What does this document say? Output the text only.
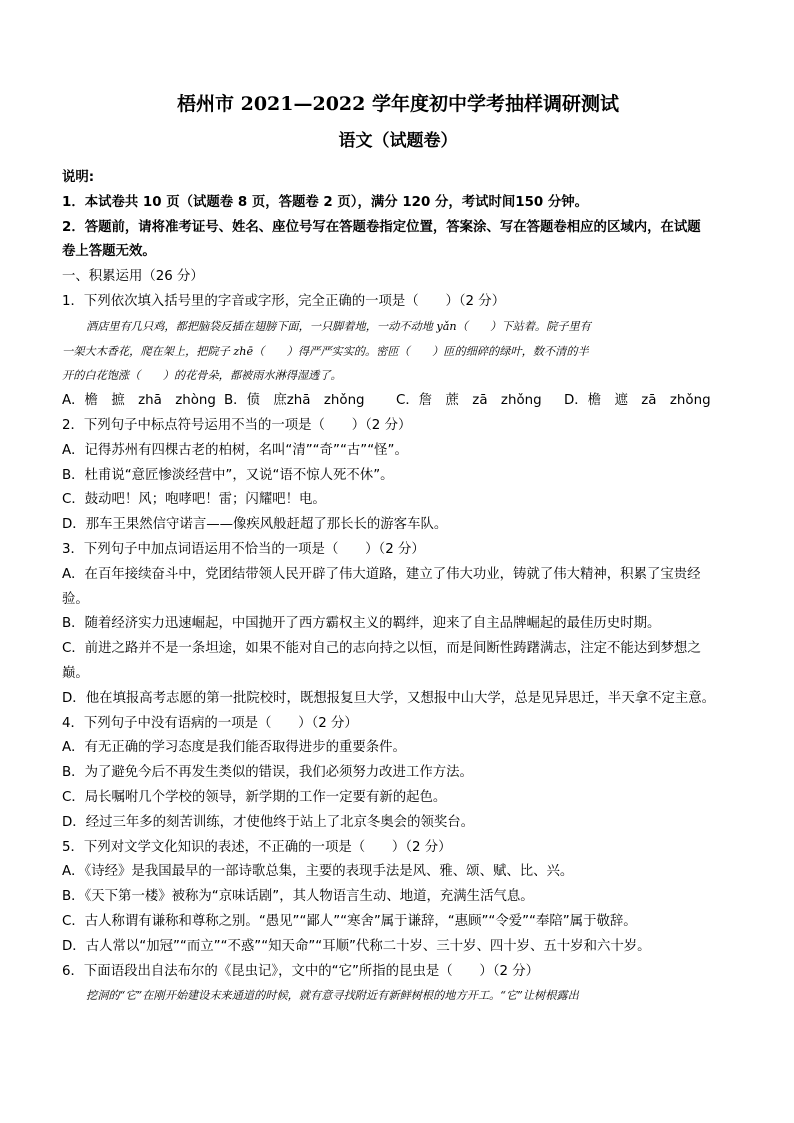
梧州市 2021—2022 学年度初中学考抽样调研测试
语文（试题卷）
说明:
1．本试卷共 10 页（试题卷 8 页，答题卷 2 页），满分 120 分，考试时间150 分钟。
2．答题前，请将准考证号、姓名、座位号写在答题卷指定位置，答案涂、写在答题卷相应的区域内，在试题
卷上答题无效。
一、积累运用（26 分）
1．下列依次填入括号里的字音或字形，完全正确的一项是（　　）（2 分）
酒店里有几只鸡，都把脑袋反插在翅膀下面，一只脚着地，一动不动地 yǎn（　　）下站着。院子里有
一架大木香花，爬在架上，把院子 zhē（　　）得严严实实的。密匝（　　）匝的细碎的绿叶，数不清的半
开的白花饱涨（　　）的花骨朵，都被雨水淋得湿透了。
A．檐　摭　zhā　zhòng B．偾　庶zhā　zhǒng C．詹　蔗　zā　zhǒng D．檐　遮　zā　zhǒng
2．下列句子中标点符号运用不当的一项是（　　）（2 分）
A．记得苏州有四棵古老的柏树，名叫“清”“奇”“古”“怪”。
B．杜甫说“意匠惨淡经营中”，又说“语不惊人死不休”。
C．鼓动吧！风；咆哮吧！雷；闪耀吧！电。
D．那车王果然信守诺言——像疾风般赶超了那长长的游客车队。
3．下列句子中加点词语运用不恰当的一项是（　　）（2 分）
A．在百年接续奋斗中，党团结带领人民开辟了伟大道路，建立了伟大功业，铸就了伟大精神，积累了宝贵经
验。
B．随着经济实力迅速崛起，中国抛开了西方霸权主义的羁绊，迎来了自主品牌崛起的最佳历史时期。
C．前进之路并不是一条坦途，如果不能对自己的志向持之以恒，而是间断性踌躇满志，注定不能达到梦想之
巅。
D．他在填报高考志愿的第一批院校时，既想报复旦大学，又想报中山大学，总是见异思迁，半天拿不定主意。
4．下列句子中没有语病的一项是（　　）（2 分）
A．有无正确的学习态度是我们能否取得进步的重要条件。
B．为了避免今后不再发生类似的错误，我们必须努力改进工作方法。
C．局长嘱咐几个学校的领导，新学期的工作一定要有新的起色。
D．经过三年多的刻苦训练，才使他终于站上了北京冬奥会的领奖台。
5．下列对文学文化知识的表述，不正确的一项是（　　）（2 分）
A．《诗经》是我国最早的一部诗歌总集，主要的表现手法是风、雅、颂、赋、比、兴。
B．《天下第一楼》被称为“京味话剧”，其人物语言生动、地道，充满生活气息。
C．古人称谓有谦称和尊称之别。“愚见”“鄙人”“寒舍”属于谦辞，“惠顾”“令爱”“奉陪”属于敬辞。
D．古人常以“加冠”“而立”“不惑”“知天命”“耳顺”代称二十岁、三十岁、四十岁、五十岁和六十岁。
6．下面语段出自法布尔的《昆虫记》，文中的“它”所指的昆虫是（　　）（2 分）
挖洞的“它”在刚开始建设末来通道的时候，就有意寻找附近有新鲜树根的地方开工。“它”让树根露出
